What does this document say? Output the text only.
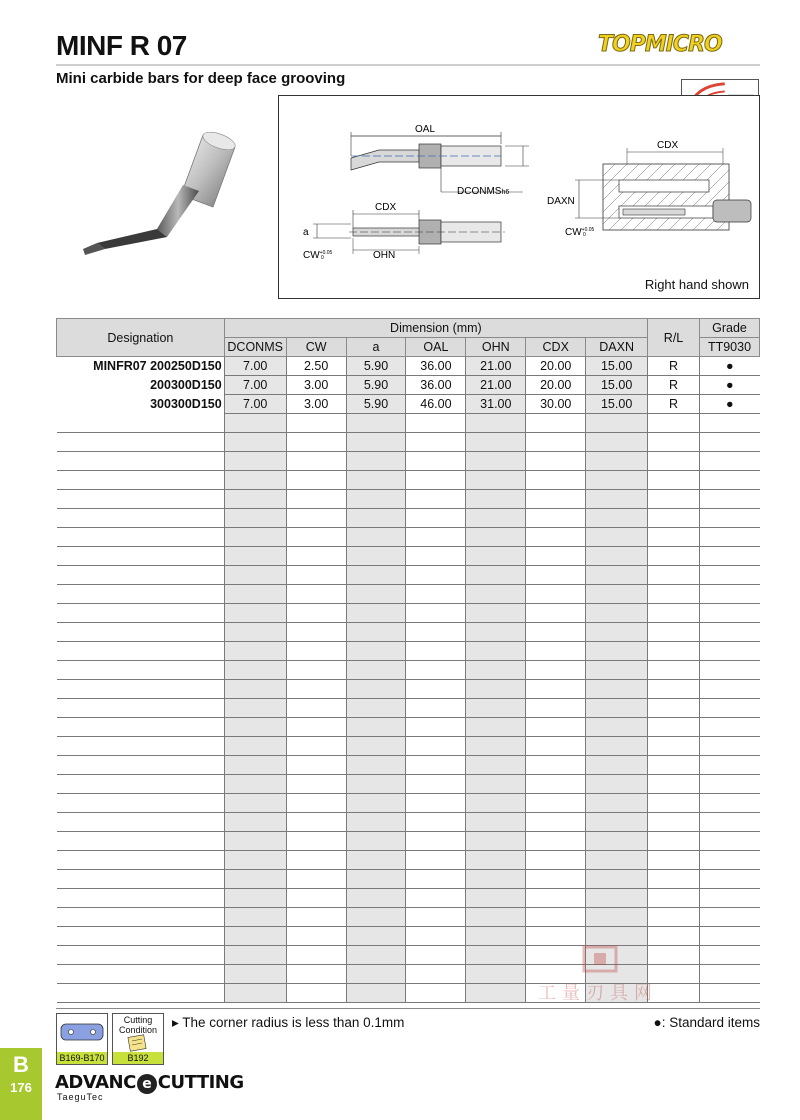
MINF R 07	TOPMICRO
Mini carbide bars for deep face grooving
OAL
DCONMSh6
CDX
a
OHN
$CW^{+0.05}$
0
CDX
DAXN
$CW^{+0.05}$
0
Right hand shown
Designation	Dimension (mm)							R/L	Grade
	DCONMS	CW	a	OAL	OHN	CDX	DAXN		TT9030
MINFR07 200250D150	7.00	2.50	5.90	36.00	21.00	20.00	15.00	R	●
200300D150	7.00	3.00	5.90	36.00	21.00	20.00	15.00	R	●
300300D150	7.00	3.00	5.90	46.00	31.00	30.00	15.00	R	●

工量刃具网
B169-B170
Cutting
Condition
B192
▸ The corner radius is less than 0.1mm	●: Standard items
B
176	ADVANC e CUTTING
TaeguTec
